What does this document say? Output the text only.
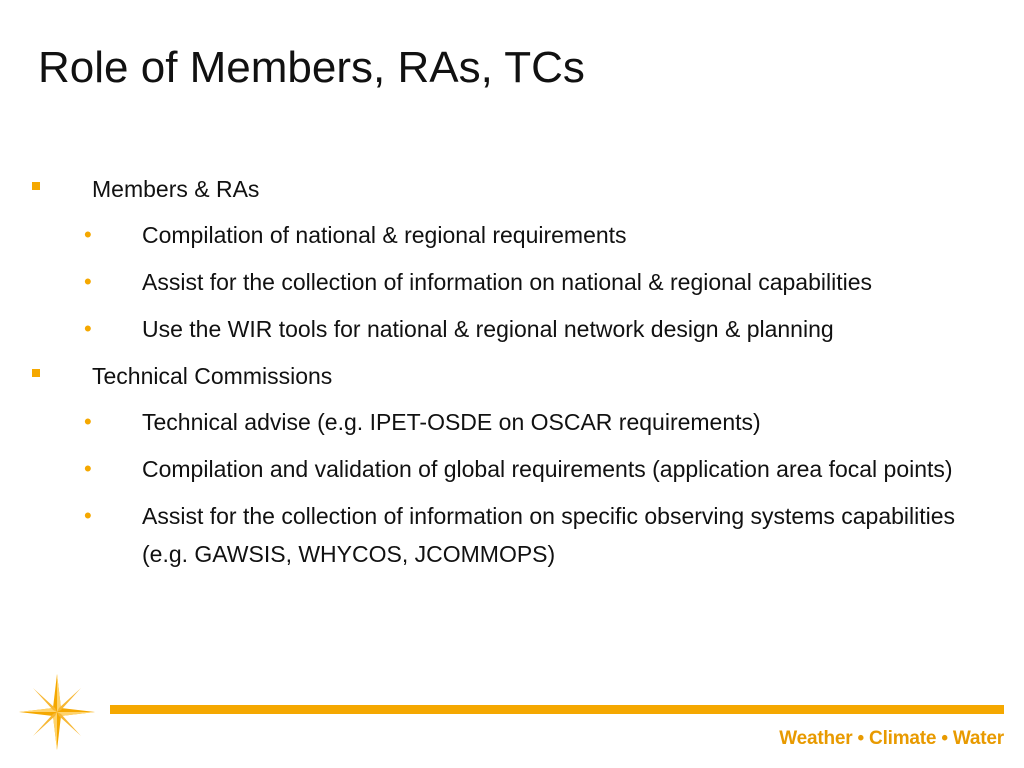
Role of Members, RAs, TCs
Members & RAs
• Compilation of national & regional requirements
• Assist for the collection of information on national & regional capabilities
• Use the WIR tools for national & regional network design & planning
Technical Commissions
• Technical advise (e.g. IPET-OSDE on OSCAR requirements)
• Compilation and validation of global requirements (application area focal points)
• Assist for the collection of information on specific observing systems capabilities (e.g. GAWSIS, WHYCOS, JCOMMOPS)
Weather • Climate • Water
